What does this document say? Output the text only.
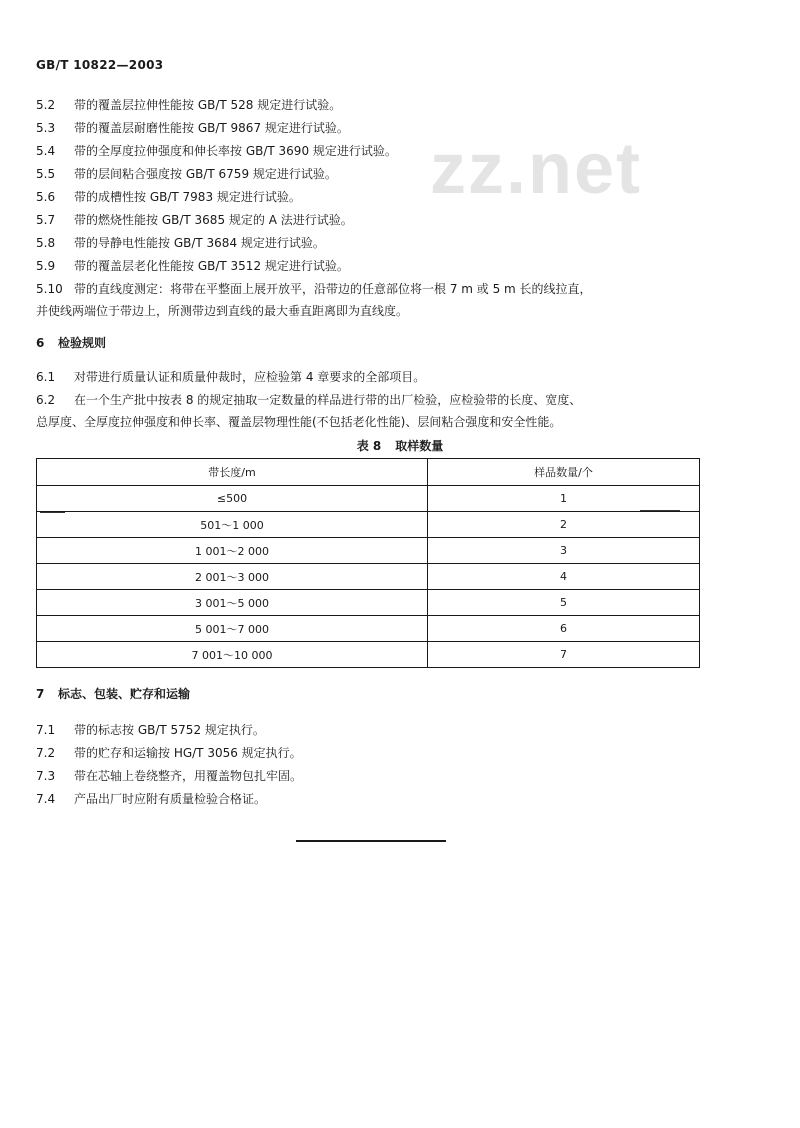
GB/T 10822—2003
zz.net
5.2 带的覆盖层拉伸性能按 GB/T 528 规定进行试验。
5.3 带的覆盖层耐磨性能按 GB/T 9867 规定进行试验。
5.4 带的全厚度拉伸强度和伸长率按 GB/T 3690 规定进行试验。
5.5 带的层间粘合强度按 GB/T 6759 规定进行试验。
5.6 带的成槽性按 GB/T 7983 规定进行试验。
5.7 带的燃烧性能按 GB/T 3685 规定的 A 法进行试验。
5.8 带的导静电性能按 GB/T 3684 规定进行试验。
5.9 带的覆盖层老化性能按 GB/T 3512 规定进行试验。
5.10 带的直线度测定：将带在平整面上展开放平，沿带边的任意部位将一根 7 m 或 5 m 长的线拉直，
并使线两端位于带边上，所测带边到直线的最大垂直距离即为直线度。
6 检验规则
6.1 对带进行质量认证和质量仲裁时，应检验第 4 章要求的全部项目。
6.2 在一个生产批中按表 8 的规定抽取一定数量的样品进行带的出厂检验，应检验带的长度、宽度、
总厚度、全厚度拉伸强度和伸长率、覆盖层物理性能(不包括老化性能)、层间粘合强度和安全性能。
表 8 取样数量
带长度/m	样品数量/个
≤500	1
501～1 000	2
1 001～2 000	3
2 001～3 000	4
3 001～5 000	5
5 001～7 000	6
7 001～10 000	7
7 标志、包装、贮存和运输
7.1 带的标志按 GB/T 5752 规定执行。
7.2 带的贮存和运输按 HG/T 3056 规定执行。
7.3 带在芯轴上卷绕整齐，用覆盖物包扎牢固。
7.4 产品出厂时应附有质量检验合格证。
